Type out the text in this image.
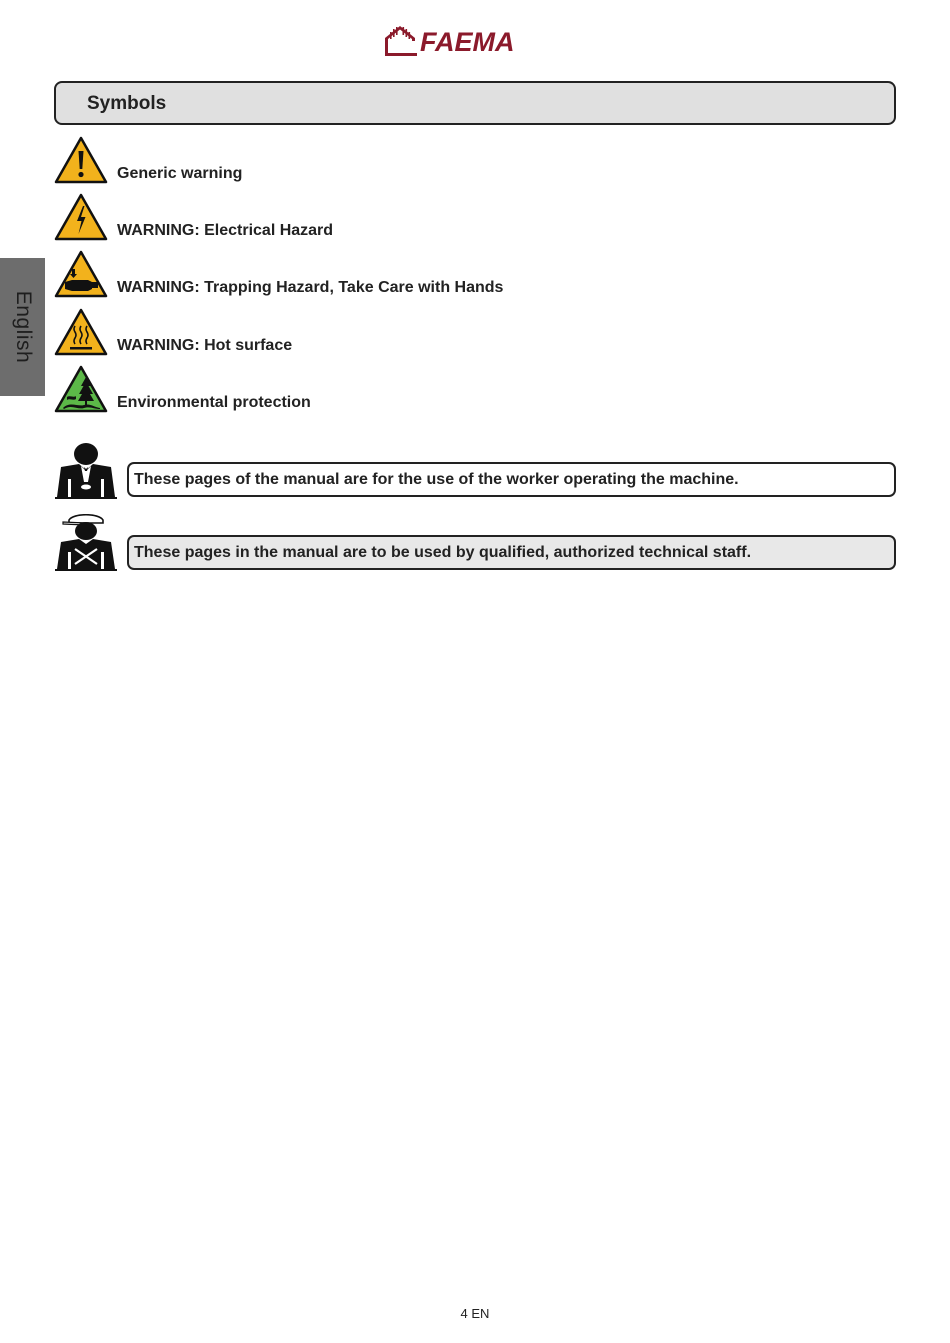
FAEMA
Symbols
English
Generic warning
WARNING: Electrical Hazard
WARNING: Trapping Hazard, Take Care with Hands
WARNING: Hot surface
Environmental protection
These pages of the manual are for the use of the worker operating the machine.
These pages in the manual are to be used by qualified, authorized technical staff.
4 EN
